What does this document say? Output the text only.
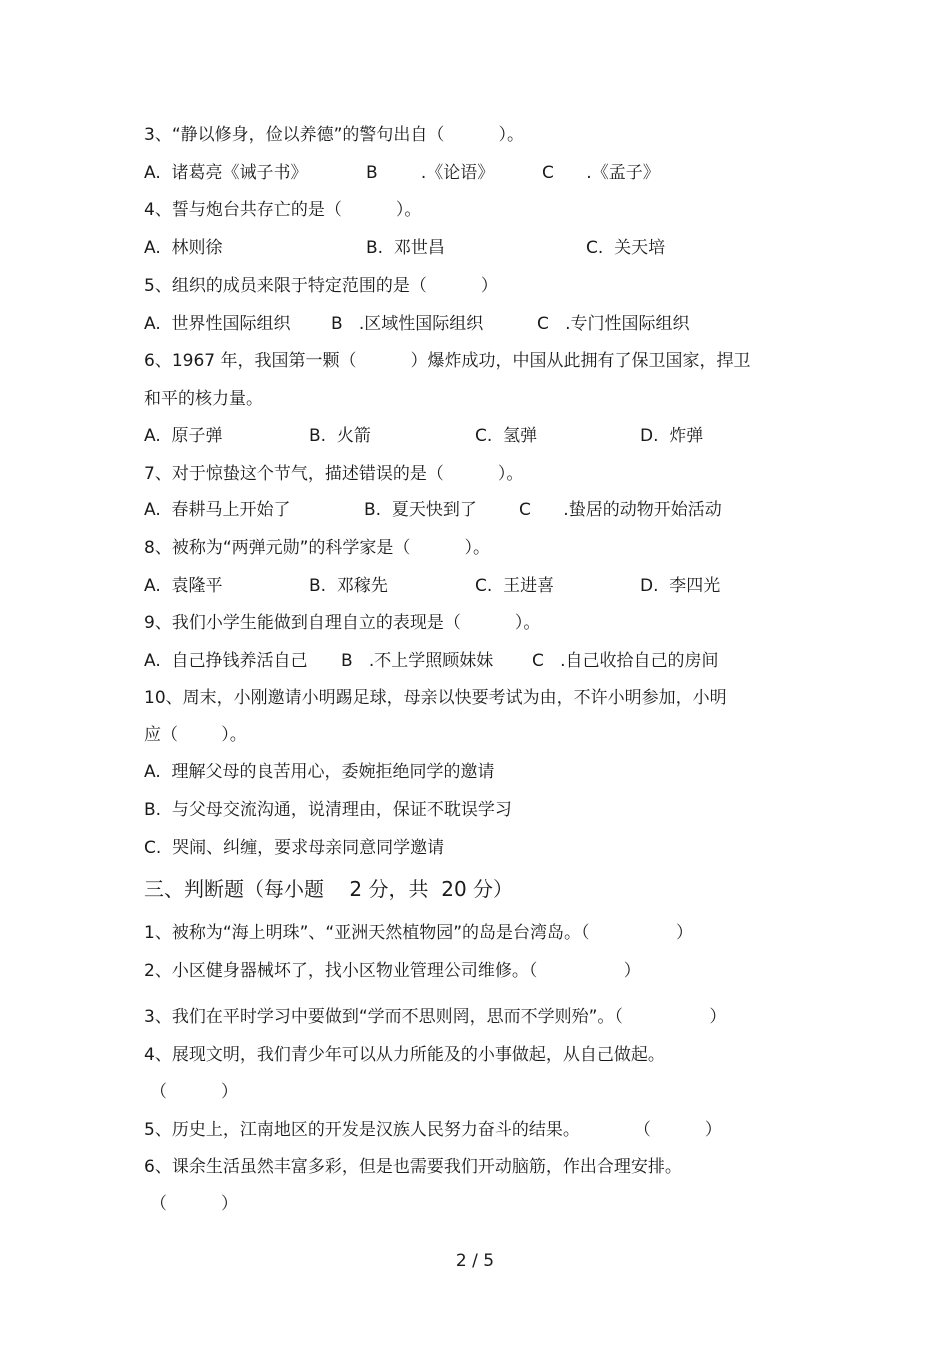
3、“静以修身，俭以养德”的警句出自（          ）。
A.  诸葛亮《诫子书》	B        .《论语》	C      .《孟子》
4、誓与炮台共存亡的是（          ）。
A.  林则徐	B.  邓世昌	C.  关天培
5、组织的成员来限于特定范围的是（          ）
A.  世界性国际组织 B   .区域性国际组织	C   .专门性国际组织
6、1967 年，我国第一颗（          ）爆炸成功，中国从此拥有了保卫国家，捍卫
和平的核力量。
A.  原子弹	B.  火箭	C.  氢弹	D.  炸弹
7、对于惊蛰这个节气，描述错误的是（          ）。
A.  春耕马上开始了	B.  夏天快到了 C      .蛰居的动物开始活动
8、被称为“两弹元勋”的科学家是（          ）。
A.  袁隆平	B.  邓稼先	C.  王进喜	D.  李四光
9、我们小学生能做到自理自立的表现是（          ）。
A.  自己挣钱养活自己 B   .不上学照顾妹妹 C   .自己收拾自己的房间
10、周末，小刚邀请小明踢足球，母亲以快要考试为由，不许小明参加，小明
应（        ）。
A.  理解父母的良苦用心，委婉拒绝同学的邀请
B.  与父母交流沟通，说清理由，保证不耽误学习
C.  哭闹、纠缠，要求母亲同意同学邀请
三、判断题（每小题    2 分，共  20 分）
1、被称为“海上明珠”、“亚洲天然植物园”的岛是台湾岛。（                ）
2、小区健身器械坏了，找小区物业管理公司维修。（                ）
3、我们在平时学习中要做到“学而不思则罔，思而不学则殆”。（                ）
4、展现文明，我们青少年可以从力所能及的小事做起，从自己做起。
（          ）
5、历史上，江南地区的开发是汉族人民努力奋斗的结果。          （          ）
6、课余生活虽然丰富多彩，但是也需要我们开动脑筋，作出合理安排。
（          ）
2 / 5
